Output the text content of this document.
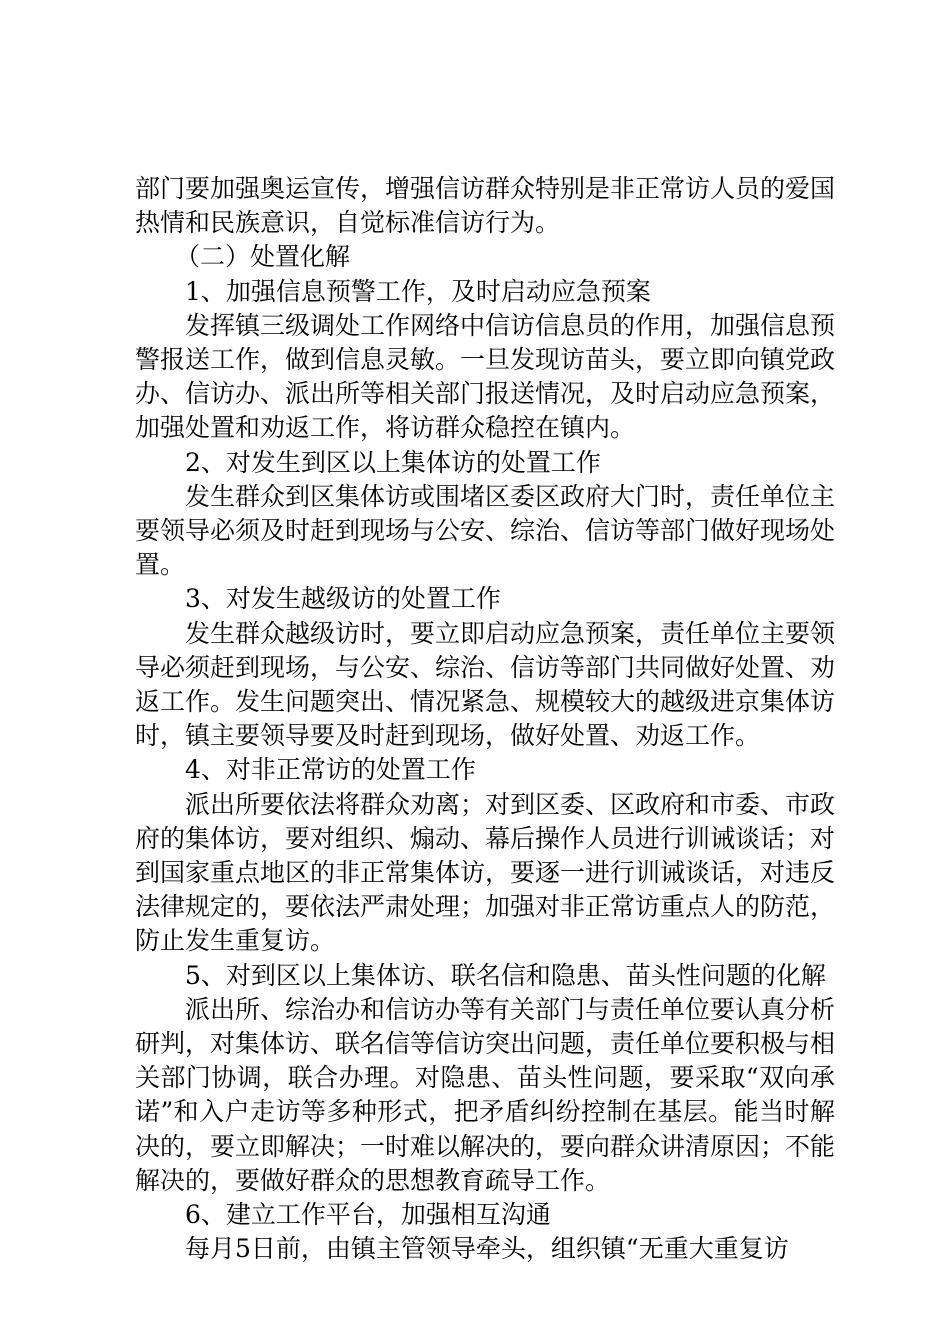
部门要加强奥运宣传，增强信访群众特别是非正常访人员的爱国热情和民族意识，自觉标准信访行为。

（二）处置化解

1、加强信息预警工作，及时启动应急预案

发挥镇三级调处工作网络中信访信息员的作用，加强信息预警报送工作，做到信息灵敏。一旦发现访苗头，要立即向镇党政办、信访办、派出所等相关部门报送情况，及时启动应急预案，加强处置和劝返工作，将访群众稳控在镇内。

2、对发生到区以上集体访的处置工作

发生群众到区集体访或围堵区委区政府大门时，责任单位主要领导必须及时赶到现场与公安、综治、信访等部门做好现场处置。

3、对发生越级访的处置工作

发生群众越级访时，要立即启动应急预案，责任单位主要领导必须赶到现场，与公安、综治、信访等部门共同做好处置、劝返工作。发生问题突出、情况紧急、规模较大的越级进京集体访时，镇主要领导要及时赶到现场，做好处置、劝返工作。

4、对非正常访的处置工作

派出所要依法将群众劝离；对到区委、区政府和市委、市政府的集体访，要对组织、煽动、幕后操作人员进行训诫谈话；对到国家重点地区的非正常集体访，要逐一进行训诫谈话，对违反法律规定的，要依法严肃处理；加强对非正常访重点人的防范，防止发生重复访。

5、对到区以上集体访、联名信和隐患、苗头性问题的化解

派出所、综治办和信访办等有关部门与责任单位要认真分析研判，对集体访、联名信等信访突出问题，责任单位要积极与相关部门协调，联合办理。对隐患、苗头性问题，要采取“双向承诺”和入户走访等多种形式，把矛盾纠纷控制在基层。能当时解决的，要立即解决；一时难以解决的，要向群众讲清原因；不能解决的，要做好群众的思想教育疏导工作。

6、建立工作平台，加强相互沟通

每月5日前，由镇主管领导牵头，组织镇“无重大重复访
